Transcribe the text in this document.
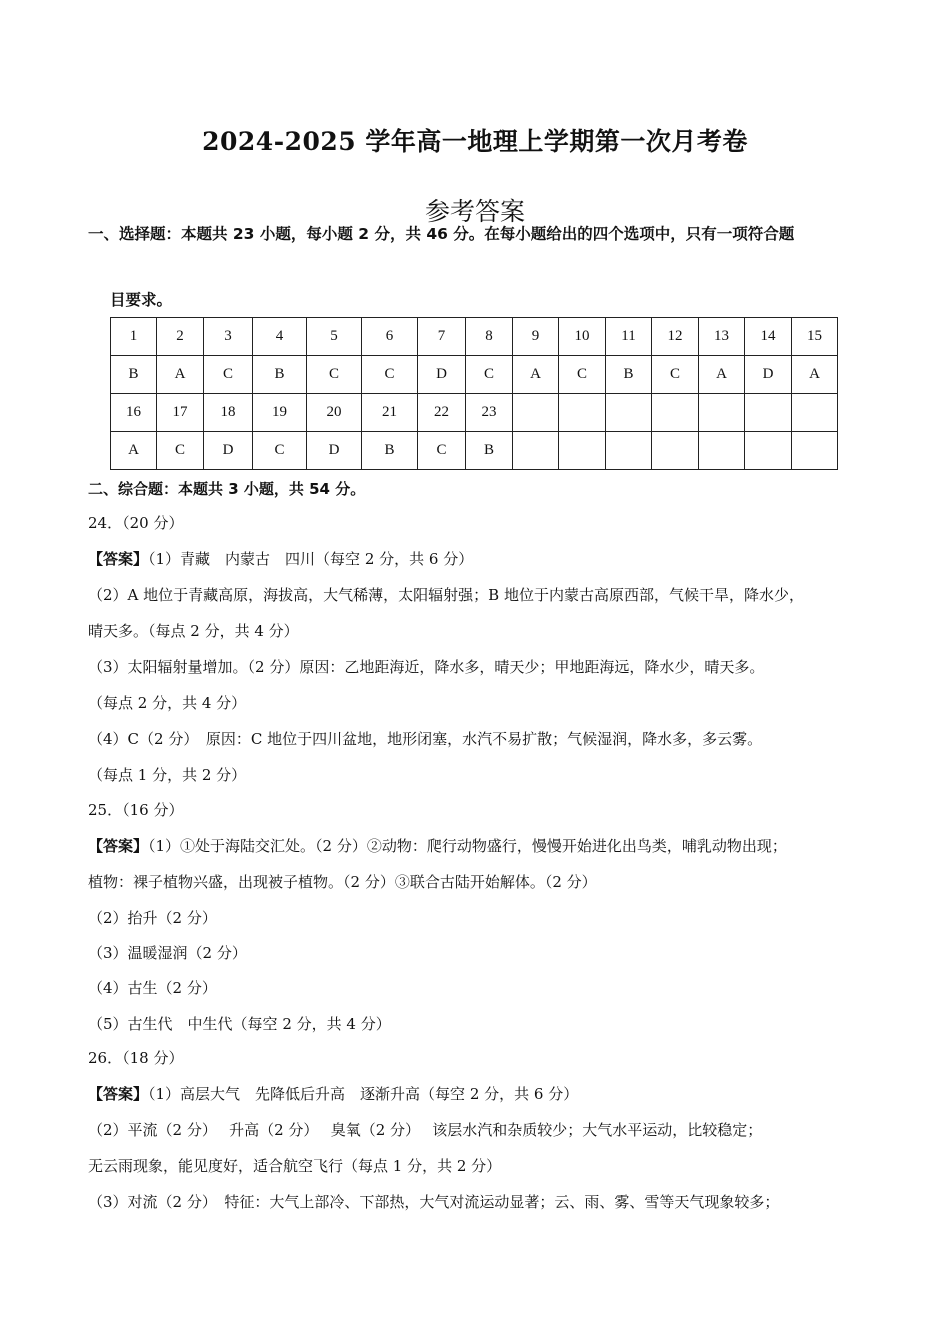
2024-2025 学年高一地理上学期第一次月考卷
参考答案
一、选择题：本题共 23 小题，每小题 2 分，共 46 分。在每小题给出的四个选项中，只有一项符合题
目要求。
1	2	3	4	5	6	7	8	9	10	11	12	13	14	15
B	A	C	B	C	C	D	C	A	C	B	C	A	D	A
16	17	18	19	20	21	22	23							
A	C	D	C	D	B	C	B							
二、综合题：本题共 3 小题，共 54 分。
24．（20 分）
【答案】（1）青藏　内蒙古　四川（每空 2 分，共 6 分）
（2）A 地位于青藏高原，海拔高，大气稀薄，太阳辐射强；B 地位于内蒙古高原西部，气候干旱，降水少，
晴天多。（每点 2 分，共 4 分）
（3）太阳辐射量增加。（2 分）原因：乙地距海近，降水多，晴天少；甲地距海远，降水少，晴天多。
（每点 2 分，共 4 分）
（4）C（2 分）　原因：C 地位于四川盆地，地形闭塞，水汽不易扩散；气候湿润，降水多，多云雾。
（每点 1 分，共 2 分）
25．（16 分）
【答案】（1）①处于海陆交汇处。（2 分）②动物：爬行动物盛行，慢慢开始进化出鸟类，哺乳动物出现；
植物：裸子植物兴盛，出现被子植物。（2 分）③联合古陆开始解体。（2 分）
（2）抬升（2 分）
（3）温暖湿润（2 分）
（4）古生（2 分）
（5）古生代　中生代（每空 2 分，共 4 分）
26．（18 分）
【答案】（1）高层大气　先降低后升高　逐渐升高（每空 2 分，共 6 分）
（2）平流（2 分）　 升高（2 分）　 臭氧（2 分）　 该层水汽和杂质较少；大气水平运动，比较稳定；
无云雨现象，能见度好，适合航空飞行（每点 1 分，共 2 分）
（3）对流（2 分）　特征：大气上部冷、下部热，大气对流运动显著；云、雨、雾、雪等天气现象较多；
